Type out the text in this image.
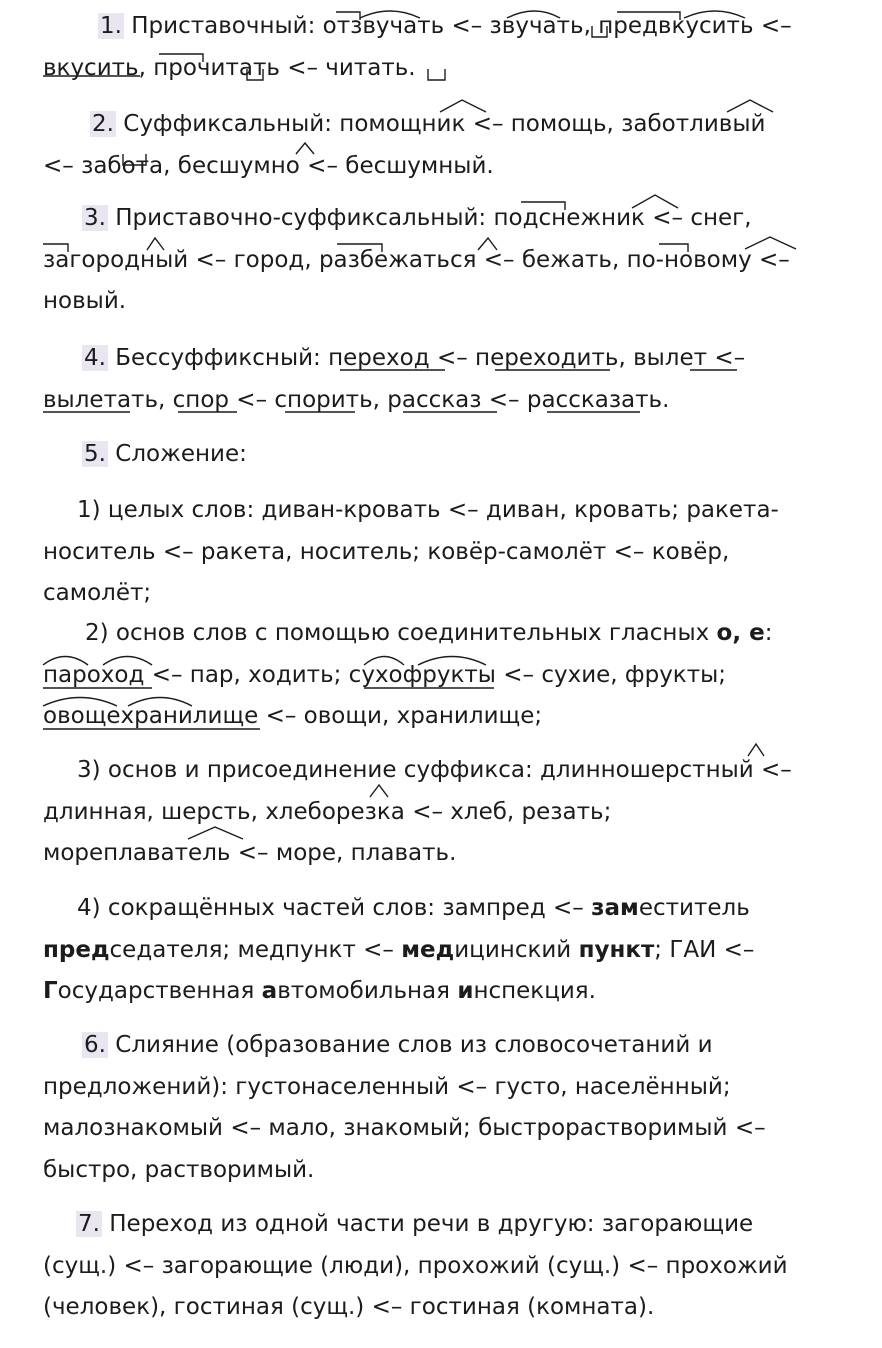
1. Приставочный: отзвучать <– звучать, предвкусить <–
вкусить, прочитать <– читать.
2. Суффиксальный: помощник <– помощь, заботливый
<– забота, бесшумно <– бесшумный.
3. Приставочно-суффиксальный: подснежник <– снег,
загородный <– город, разбежаться <– бежать, по-новому <–
новый.
4. Бессуффиксный: переход <– переходить, вылет <–
вылетать, спор <– спорить, рассказ <– рассказать.
5. Сложение:
1) целых слов: диван-кровать <– диван, кровать; ракета-
носитель <– ракета, носитель; ковёр-самолёт <– ковёр,
самолёт;
2) основ слов с помощью соединительных гласных о, е:
пароход <– пар, ходить; сухофрукты <– сухие, фрукты;
овощехранилище <– овощи, хранилище;
3) основ и присоединение суффикса: длинношерстный <–
длинная, шерсть, хлеборезка <– хлеб, резать;
мореплаватель <– море, плавать.
4) сокращённых частей слов: зампред <– заместитель
председателя; медпункт <– медицинский пункт; ГАИ <–
Государственная автомобильная инспекция.
6. Слияние (образование слов из словосочетаний и
предложений): густонаселенный <– густо, населённый;
малознакомый <– мало, знакомый; быстрорастворимый <–
быстро, растворимый.
7. Переход из одной части речи в другую: загорающие
(сущ.) <– загорающие (люди), прохожий (сущ.) <– прохожий
(человек), гостиная (сущ.) <– гостиная (комната).
